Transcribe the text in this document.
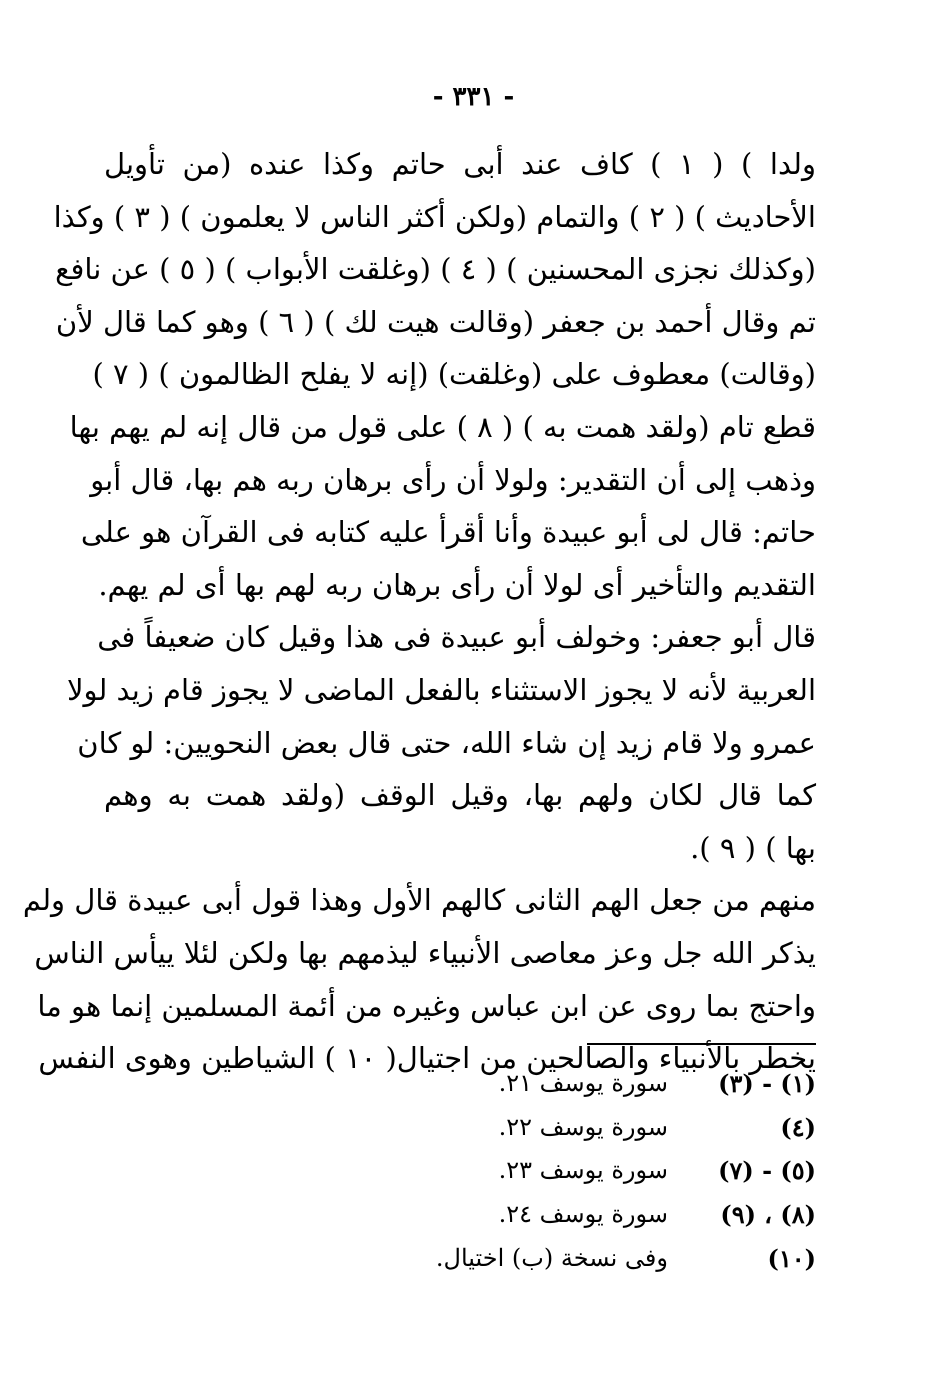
- ٣٣١ -
ولدا ) ( ١ ) كاف عند أبى حاتم وكذا عنده (من تأويل
الأحاديث ) ( ٢ ) والتمام (ولكن أكثر الناس لا يعلمون ) ( ٣ ) وكذا
(وكذلك نجزى المحسنين ) ( ٤ ) (وغلقت الأبواب ) ( ٥ ) عن نافع
تم وقال أحمد بن جعفر (وقالت هيت لك ) ( ٦ ) وهو كما قال لأن
(وقالت) معطوف على (وغلقت) (إنه لا يفلح الظالمون ) ( ٧ )
قطع تام (ولقد همت به ) ( ٨ ) على قول من قال إنه لم يهم بها
وذهب إلى أن التقدير: ولولا أن رأى برهان ربه هم بها، قال أبو
حاتم: قال لى أبو عبيدة وأنا أقرأ عليه كتابه فى القرآن هو على
التقديم والتأخير أى لولا أن رأى برهان ربه لهم بها أى لم يهم.
قال أبو جعفر: وخولف أبو عبيدة فى هذا وقيل كان ضعيفاً فى
العربية لأنه لا يجوز الاستثناء بالفعل الماضى لا يجوز قام زيد لولا
عمرو ولا قام زيد إن شاء الله، حتى قال بعض النحويين: لو كان
كما قال لكان ولهم بها، وقيل الوقف (ولقد همت به وهم
بها ) ( ٩ ).
منهم من جعل الهم الثانى كالهم الأول وهذا قول أبى عبيدة قال ولم
يذكر الله جل وعز معاصى الأنبياء ليذمهم بها ولكن لئلا ييأس الناس
واحتج بما روى عن ابن عباس وغيره من أئمة المسلمين إنما هو ما
يخطر بالأنبياء والصالحين من اجتيال( ١٠ ) الشياطين وهوى النفس
(١) - (٣)
سورة يوسف ٢١.
(٤)
سورة يوسف ٢٢.
(٥) - (٧)
سورة يوسف ٢٣.
(٨) ، (٩)
سورة يوسف ٢٤.
(١٠)
وفى نسخة (ب) اختيال.
